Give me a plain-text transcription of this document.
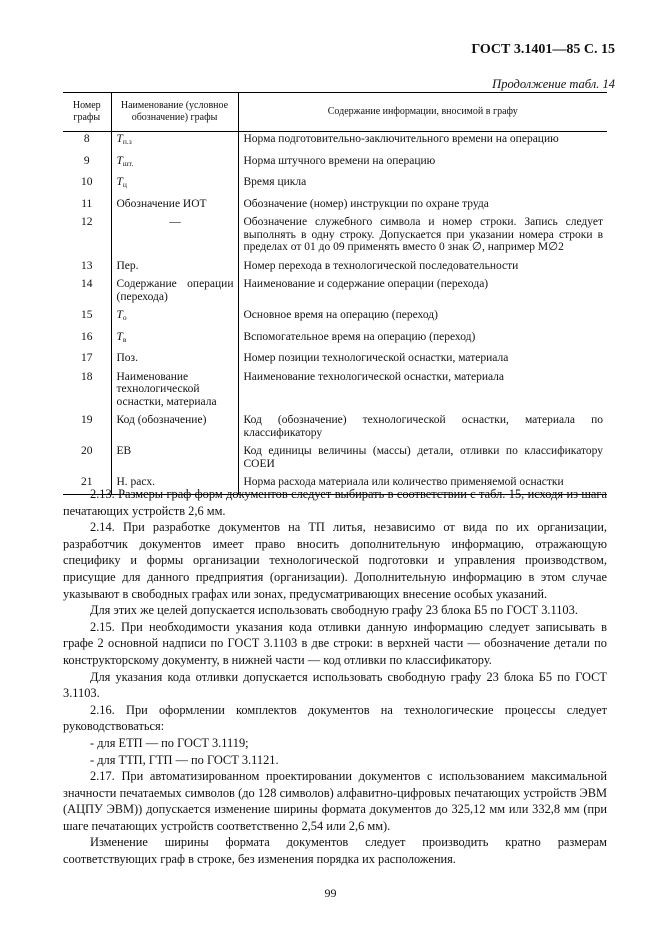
ГОСТ 3.1401—85 С. 15
Продолжение табл. 14
Номер графы	Наименование (условное обозначение) графы	Содержание информации, вносимой в графу
8	$T_{п.з}$	Норма подготовительно-заключительного времени на операцию
9	$T_{шт.}$	Норма штучного времени на операцию
10	$T_ц$	Время цикла
11	Обозначение ИОТ	Обозначение (номер) инструкции по охране труда
12	—	Обозначение служебного символа и номер строки. Запись следует выполнять в одну строку. Допускается при указании номера строки в пределах от 01 до 09 применять вместо 0 знак ∅, например М∅2
13	Пер.	Номер перехода в технологической последовательности
14	Содержание операции (перехода)	Наименование и содержание операции (перехода)
15	$T_о$	Основное время на операцию (переход)
16	$T_в$	Вспомогательное время на операцию (переход)
17	Поз.	Номер позиции технологической оснастки, материала
18	Наименование технологической оснастки, материала	Наименование технологической оснастки, материала
19	Код (обозначение)	Код (обозначение) технологической оснастки, материала по классификатору
20	ЕВ	Код единицы величины (массы) детали, отливки по классификатору СОЕИ
21	Н. расх.	Норма расхода материала или количество применяемой оснастки

2.13. Размеры граф форм документов следует выбирать в соответствии с табл. 15, исходя из шага печатающих устройств 2,6 мм.

2.14. При разработке документов на ТП литья, независимо от вида по их организации, разработчик документов имеет право вносить дополнительную информацию, отражающую специфику и формы организации технологической подготовки и управления производством, присущие для данного предприятия (организации). Дополнительную информацию в этом случае указывают в свободных графах или зонах, предусматривающих внесение особых указаний.

Для этих же целей допускается использовать свободную графу 23 блока Б5 по ГОСТ 3.1103.

2.15. При необходимости указания кода отливки данную информацию следует записывать в графе 2 основной надписи по ГОСТ 3.1103 в две строки: в верхней части — обозначение детали по конструкторскому документу, в нижней части — код отливки по классификатору.

Для указания кода отливки допускается использовать свободную графу 23 блока Б5 по ГОСТ 3.1103.

2.16. При оформлении комплектов документов на технологические процессы следует руководствоваться:

- для ЕТП — по ГОСТ 3.1119;

- для ТТП, ГТП — по ГОСТ 3.1121.

2.17. При автоматизированном проектировании документов с использованием максимальной значности печатаемых символов (до 128 символов) алфавитно-цифровых печатающих устройств ЭВМ (АЦПУ ЭВМ)) допускается изменение ширины формата документов до 325,12 мм или 332,8 мм (при шаге печатающих устройств соответственно 2,54 или 2,6 мм).

Изменение ширины формата документов следует производить кратно размерам соответствующих граф в строке, без изменения порядка их расположения.

99
